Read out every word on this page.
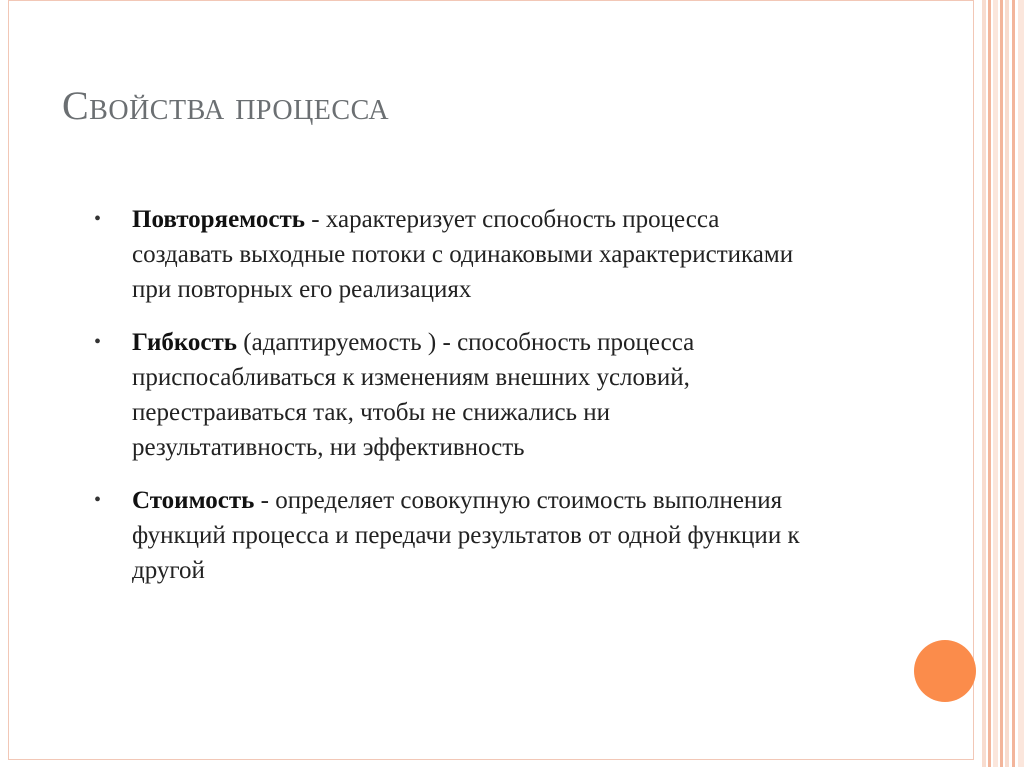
Свойства процесса
• Повторяемость - характеризует способность процесса создавать выходные потоки с одинаковыми характеристиками при повторных его реализациях
• Гибкость (адаптируемость ) - способность процесса приспосабливаться к изменениям внешних условий, перестраиваться так, чтобы не снижались ни результативность, ни эффективность
• Стоимость - определяет совокупную стоимость выполнения функций процесса и передачи результатов от одной функции к другой
